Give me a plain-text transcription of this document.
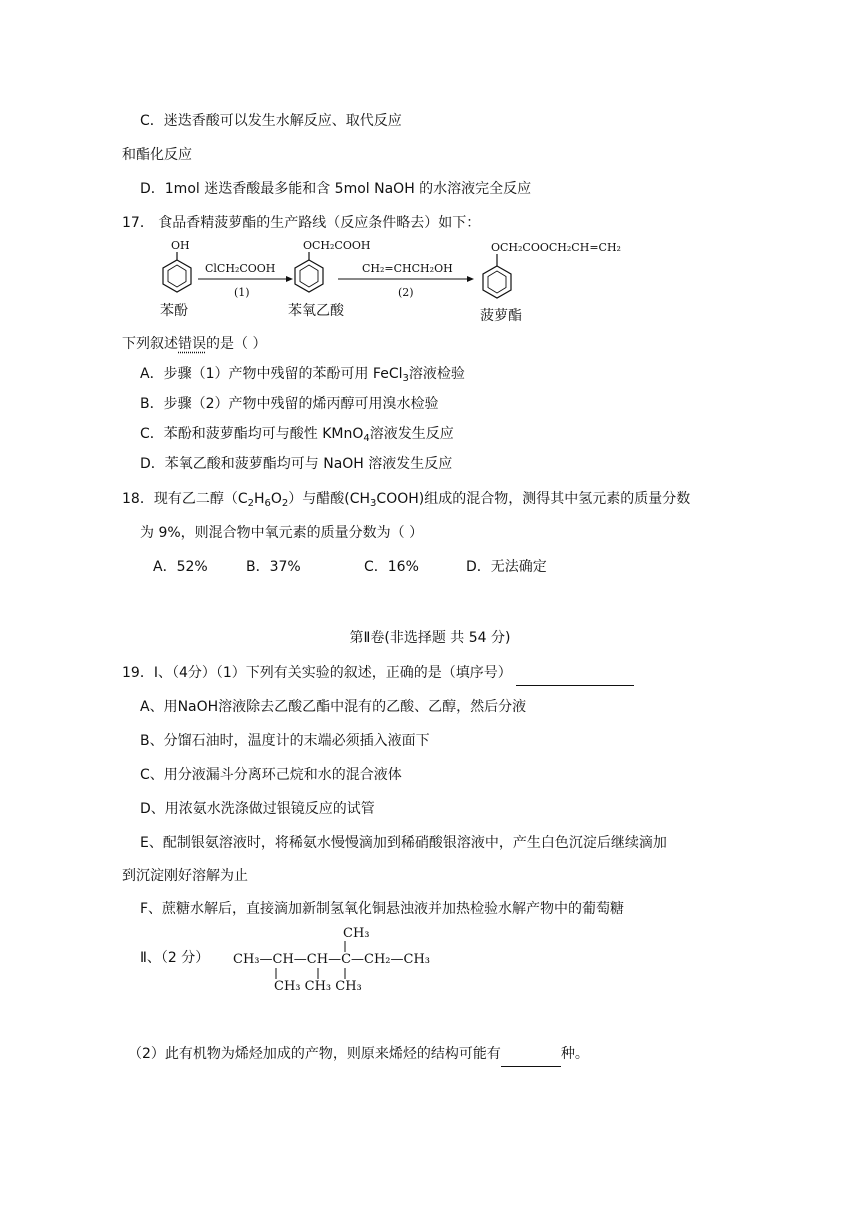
C．迷迭香酸可以发生水解反应、取代反应
和酯化反应
D．1mol 迷迭香酸最多能和含 5mol NaOH 的水溶液完全反应
17． 食品香精菠萝酯的生产路线（反应条件略去）如下：
OH
苯酚
ClCH₂COOH
(1)
OCH₂COOH
苯氧乙酸
CH₂=CHCH₂OH
(2)
OCH₂COOCH₂CH=CH₂
菠萝酯
下列叙述错误的是（ ）
A．步骤（1）产物中残留的苯酚可用 FeCl$_3$溶液检验
B．步骤（2）产物中残留的烯丙醇可用溴水检验
C．苯酚和菠萝酯均可与酸性 KMnO$_4$溶液发生反应
D．苯氧乙酸和菠萝酯均可与 NaOH 溶液发生反应
18．现有乙二醇$(C_2H_6O_2)$与醋酸$(CH_3COOH)$组成的混合物，测得其中氢元素的质量分数
为 9%，则混合物中氧元素的质量分数为（ ）
A．52%	B．37%	C．16%	D．无法确定
第Ⅱ卷(非选择题 共 54 分)
19．Ⅰ、（4分）（1）下列有关实验的叙述，正确的是（填序号）
A、用NaOH溶液除去乙酸乙酯中混有的乙酸、乙醇，然后分液
B、分馏石油时，温度计的末端必须插入液面下
C、用分液漏斗分离环己烷和水的混合液体
D、用浓氨水洗涤做过银镜反应的试管
E、配制银氨溶液时，将稀氨水慢慢滴加到稀硝酸银溶液中，产生白色沉淀后继续滴加
到沉淀刚好溶解为止
F、蔗糖水解后，直接滴加新制氢氧化铜悬浊液并加热检验水解产物中的葡萄糖
Ⅱ、（2 分）
CH₃
CH₃—CH—CH—C—CH₂—CH₃
CH₃ CH₃ CH₃
（2）此有机物为烯烃加成的产物，则原来烯烃的结构可能有	种。
